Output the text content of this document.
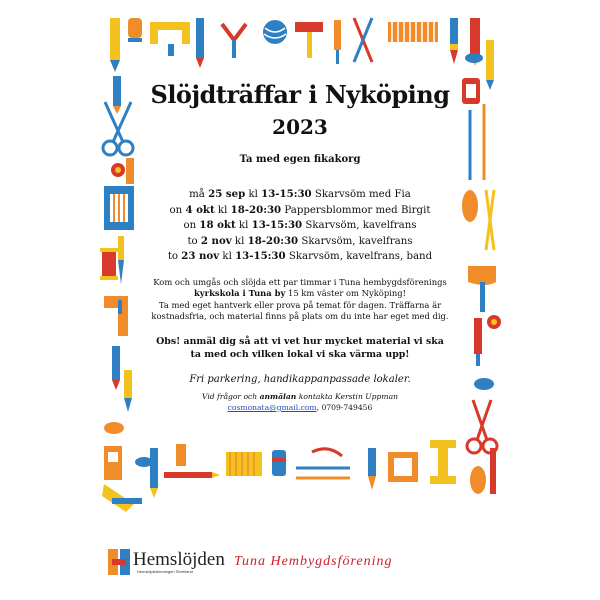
Slöjdträffar i Nyköping
2023
Ta med egen fikakorg
må 25 sep kl 13-15:30 Skarvsöm med Fia
on 4 okt kl 18-20:30 Pappersblommor med Birgit
on 18 okt kl 13-15:30 Skarvsöm, kavelfrans
to 2 nov kl 18-20:30 Skarvsöm, kavelfrans
to 23 nov kl 13-15:30 Skarvsöm, kavelfrans, band
Kom och umgås och slöjda ett par timmar i Tuna hembygdsförenings
kyrkskola i Tuna by 15 km väster om Nyköping!
Ta med eget hantverk eller prova på temat för dagen. Träffarna är kostnadsfria, och material finns på plats om du inte har eget med dig.
Obs! anmäl dig så att vi vet hur mycket material vi ska ta med och vilken lokal vi ska värma upp!
Fri parkering, handikappanpassade lokaler.
Vid frågor och anmälan kontakta Kerstin Uppman
cosmonata@gmail.com, 0709-749456
Hemslöjden
Hemslöjdsföreningen Sörmland
Tuna Hembygdsförening
